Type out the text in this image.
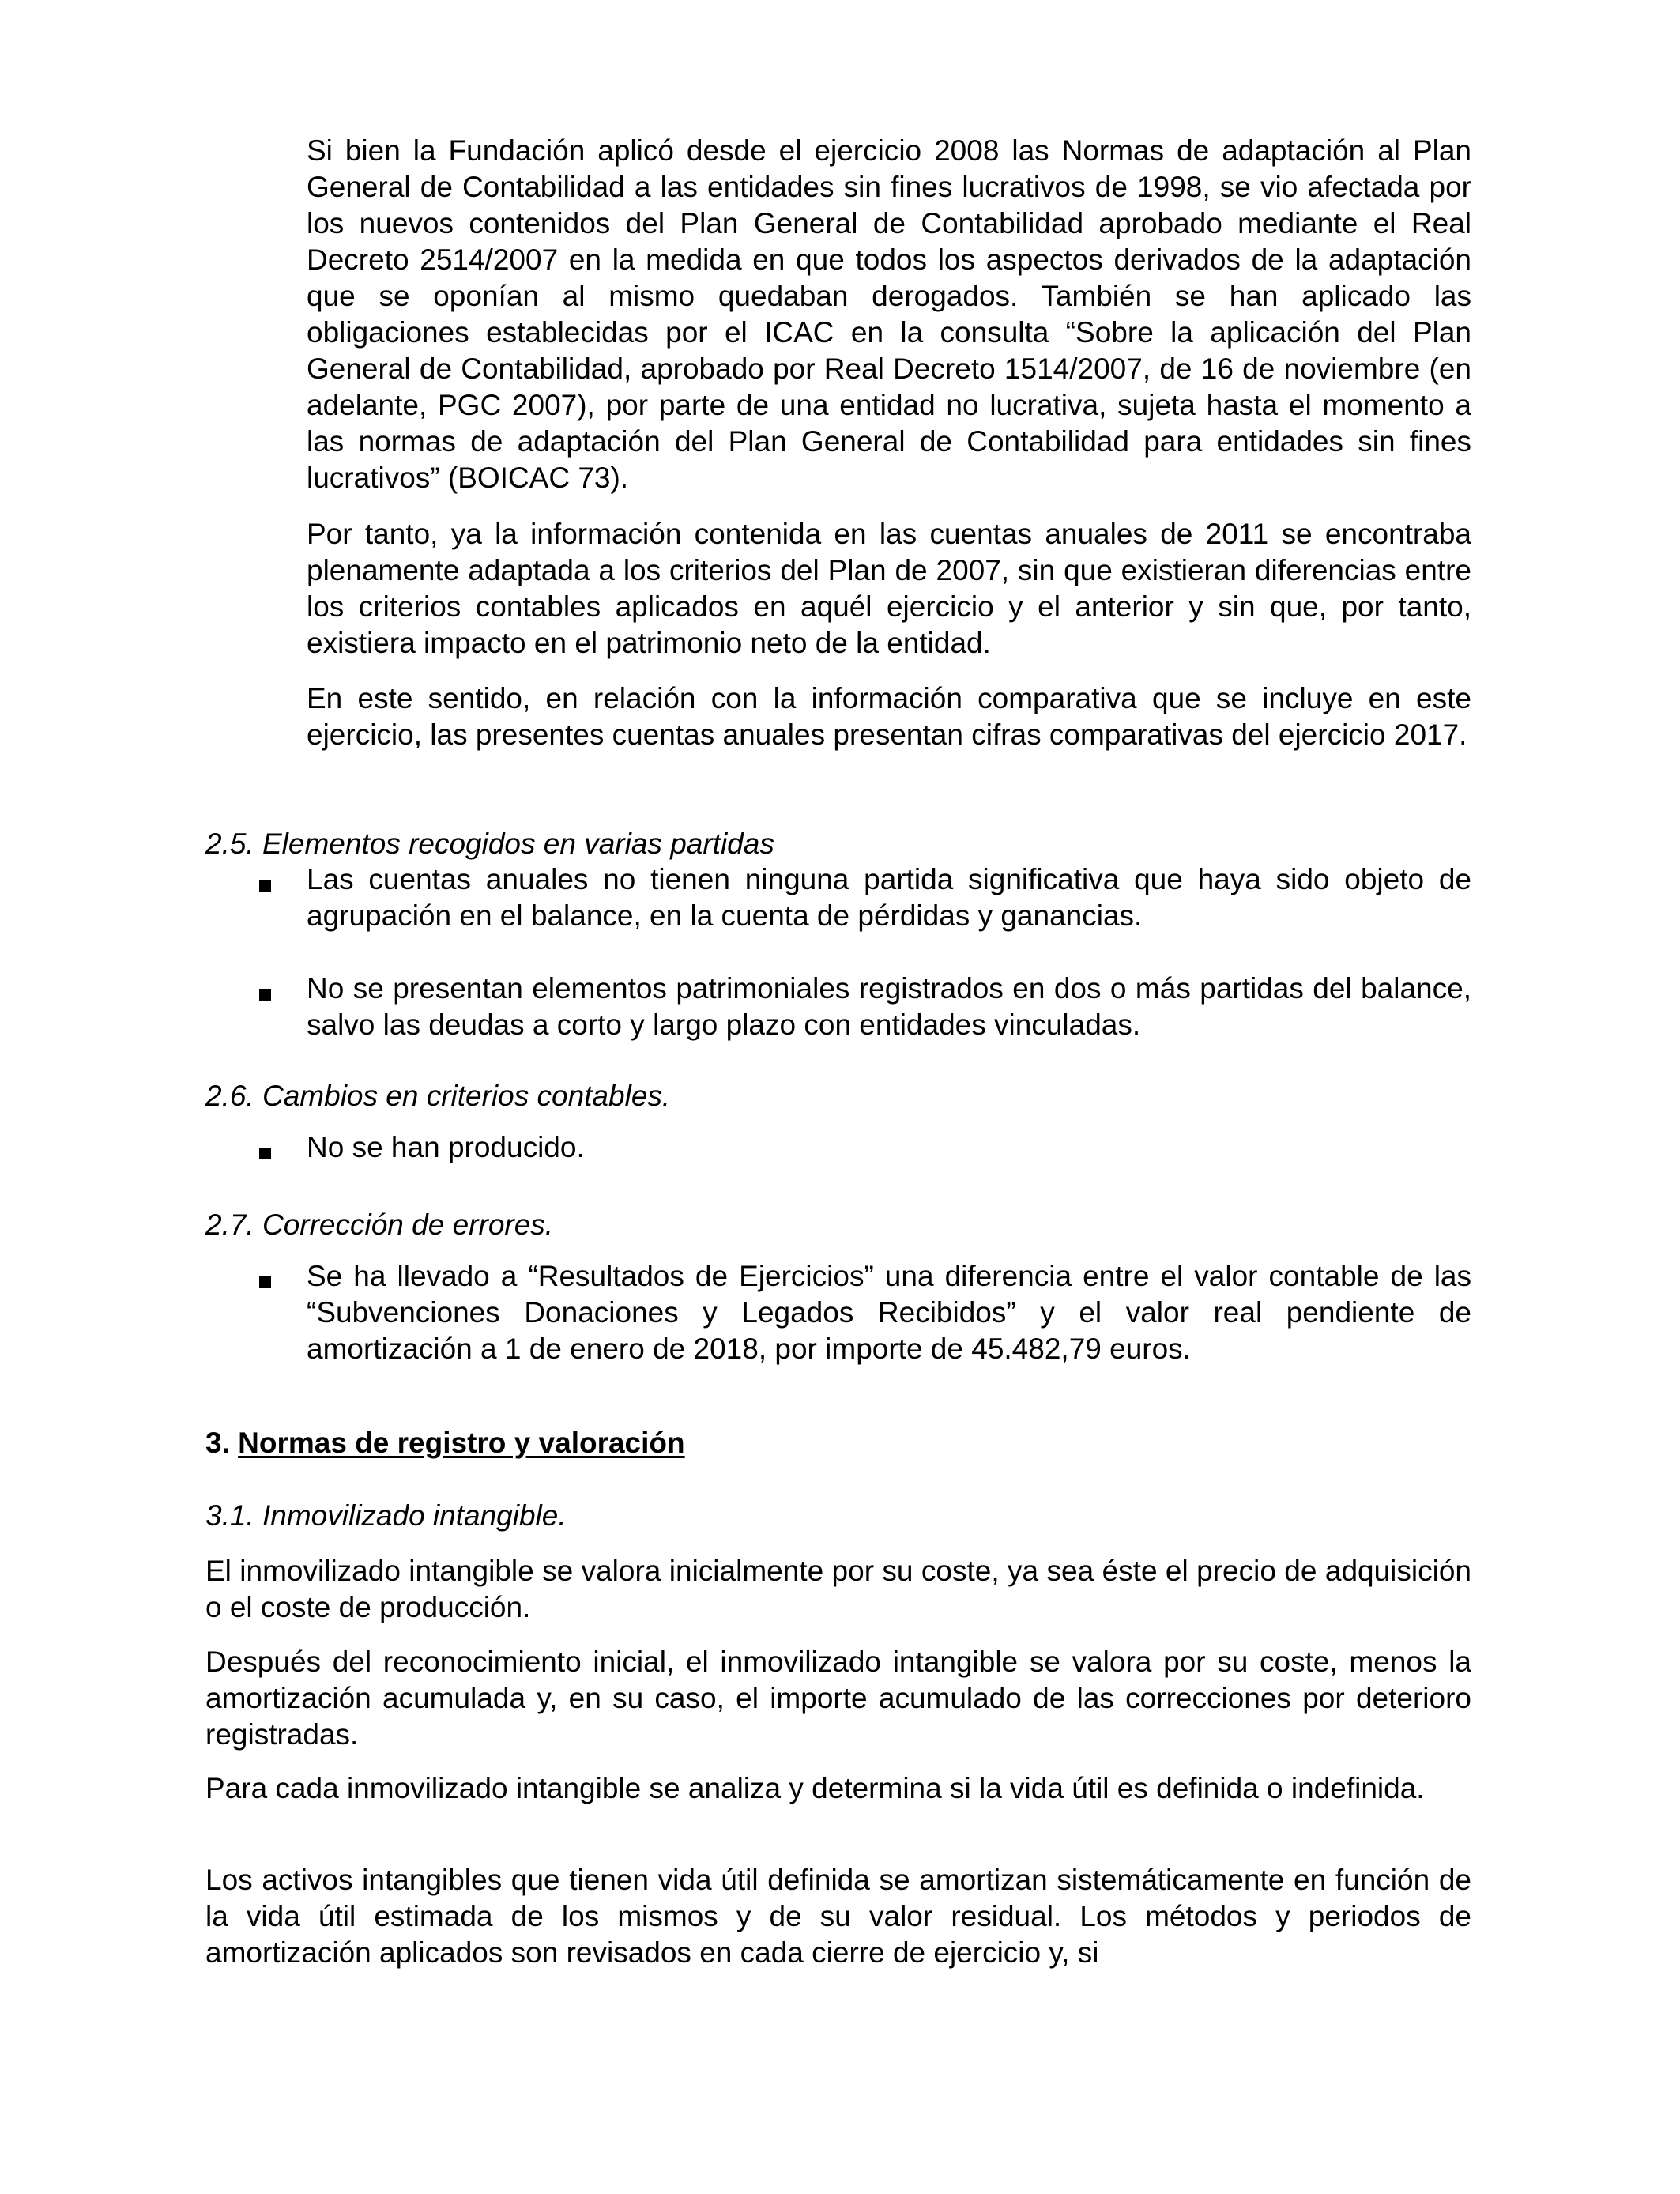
Si bien la Fundación aplicó desde el ejercicio 2008 las Normas de adaptación al Plan General de Contabilidad a las entidades sin fines lucrativos de 1998, se vio afectada por los nuevos contenidos del Plan General de Contabilidad aprobado mediante el Real Decreto 2514/2007 en la medida en que todos los aspectos derivados de la adaptación que se oponían al mismo quedaban derogados. También se han aplicado las obligaciones establecidas por el ICAC en la consulta “Sobre la aplicación del Plan General de Contabilidad, aprobado por Real Decreto 1514/2007, de 16 de noviembre (en adelante, PGC 2007), por parte de una entidad no lucrativa, sujeta hasta el momento a las normas de adaptación del Plan General de Contabilidad para entidades sin fines lucrativos” (BOICAC 73).

Por tanto, ya la información contenida en las cuentas anuales de 2011 se encontraba plenamente adaptada a los criterios del Plan de 2007, sin que existieran diferencias entre los criterios contables aplicados en aquél ejercicio y el anterior y sin que, por tanto, existiera impacto en el patrimonio neto de la entidad.

En este sentido, en relación con la información comparativa que se incluye en este ejercicio, las presentes cuentas anuales presentan cifras comparativas del ejercicio 2017.

2.5. Elementos recogidos en varias partidas

Las cuentas anuales no tienen ninguna partida significativa que haya sido objeto de agrupación en el balance, en la cuenta de pérdidas y ganancias.

No se presentan elementos patrimoniales registrados en dos o más partidas del balance, salvo las deudas a corto y largo plazo con entidades vinculadas.

2.6. Cambios en criterios contables.

No se han producido.

2.7. Corrección de errores.

Se ha llevado a “Resultados de Ejercicios” una diferencia entre el valor contable de las “Subvenciones Donaciones y Legados Recibidos” y el valor real pendiente de amortización a 1 de enero de 2018, por importe de 45.482,79 euros.

3. Normas de registro y valoración

3.1. Inmovilizado intangible.

El inmovilizado intangible se valora inicialmente por su coste, ya sea éste el precio de adquisición o el coste de producción.

Después del reconocimiento inicial, el inmovilizado intangible se valora por su coste, menos la amortización acumulada y, en su caso, el importe acumulado de las correcciones por deterioro registradas.

Para cada inmovilizado intangible se analiza y determina si la vida útil es definida o indefinida.

Los activos intangibles que tienen vida útil definida se amortizan sistemáticamente en función de la vida útil estimada de los mismos y de su valor residual. Los métodos y periodos de amortización aplicados son revisados en cada cierre de ejercicio y, si
